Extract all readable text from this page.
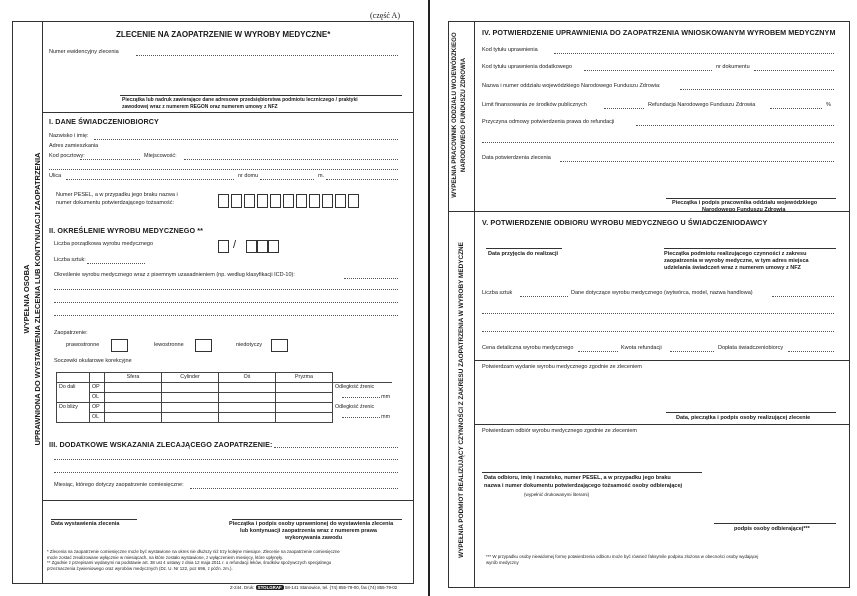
(część A)
WYPEŁNIA OSOBA UPRAWNIONA DO WYSTAWIENIA ZLECENIA LUB KONTYNUACJI ZAOPATRZENIA
ZLECENIE NA ZAOPATRZENIE W WYROBY MEDYCZNE*
Numer ewidencyjny zlecenia
Pieczątka lub nadruk zawierające dane adresowe przedsiębiorstwa podmiotu leczniczego / praktyki
zawodowej wraz z numerem REGON oraz numerem umowy z NFZ
I. DANE ŚWIADCZENIOBIORCY
Nazwisko i imię:
Adres zamieszkania
Kod pocztowy:	Miejscowość:
Ulica	nr domu	m.
Numer PESEL, a w przypadku jego braku nazwa i
numer dokumentu potwierdzającego tożsamość:
II. OKREŚLENIE WYROBU MEDYCZNEGO **
Liczba porządkowa wyrobu medycznego	/
Liczba sztuk:
Określenie wyrobu medycznego wraz z pisemnym uzasadnieniem (np. według klasyfikacji ICD-10):
Zaopatrzenie:
prawostronne	lewostronne	niedotyczy
Soczewki okularowe korekcyjne
		Sfera	Cylinder	Oś	Pryzma	
Do dali	OP					Odległość źrenic
	OL					mm
Do bliży	OP					Odległość źrenic
	OL					mm
III. DODATKOWE WSKAZANIA ZLECAJĄCEGO ZAOPATRZENIE:
Miesiąc, którego dotyczy zaopatrzenie comiesięczne:
Data wystawienia zlecenia	Pieczątka i podpis osoby uprawnionej do wystawienia zlecenia
lub kontynuacji zaopatrzenia wraz z numerem prawa
wykonywania zawodu
* Zlecenia na zaopatrzenie comiesięczne może być wystawione na okres nie dłuższy niż trzy kolejne miesiące. Zlecenie na zaopatrzenie comiesięczne
może zostać zrealizowane wyłącznie w miesiącach, na które zostało wystawione, z wyłączeniem miesięcy, które upłynęły.
** Zgodnie z przepisami wydanymi na podstawie art. 38 ust 4 ustawy z dnia 12 maja 2011 r. o refundacji leków, środków spożywczych specjalnego
przeznaczenia żywieniowego oraz wyrobów medycznych (Dz. U. Nr 122, poz 696, z późn. zm.).
Z-244. Druk: STOLGRAF 58-141 Stanowice, tel. (74) 855-79-00, fax (74) 855-79-02
WYPEŁNIA PRACOWNIK ODDZIAŁU WOJEWÓDZKIEGO NARODOWEGO FUNDUSZU ZDROWIA
WYPEŁNIA PODMIOT REALIZUJĄCY CZYNNOŚCI Z ZAKRESU ZAOPATRZENIA W WYROBY MEDYCZNE
IV. POTWIERDZENIE UPRAWNIENIA DO ZAOPATRZENIA WNIOSKOWANYM WYROBEM MEDYCZNYM
Kod tytułu uprawnienia
Kod tytułu uprawnienia dodatkowego	nr dokumentu
Nazwa i numer oddziału wojewódzkiego Narodowego Funduszu Zdrowia:
Limit finansowania ze środków publicznych	Refundacja Narodowego Funduszu Zdrowia	%
Przyczyna odmowy potwierdzenia prawa do refundacji
Data potwierdzenia zlecenia
Pieczątka i podpis pracownika oddziału wojewódzkiego
Narodowego Funduszu Zdrowia
V. POTWIERDZENIE ODBIORU WYROBU MEDYCZNEGO U ŚWIADCZENIODAWCY
Data przyjęcia do realizacji	Pieczątka podmiotu realizującego czynności z zakresu
zaopatrzenia w wyroby medyczne, w tym adres miejsca
udzielania świadczeń wraz z numerem umowy z NFZ
Liczba sztuk	Dane dotyczące wyrobu medycznego (wytwórca, model, nazwa handlowa)
Cena detaliczna wyrobu medycznego	Kwota refundacji	Dopłata świadczeniobiorcy
Potwierdzam wydanie wyrobu medycznego zgodnie ze zleceniem
Data, pieczątka i podpis osoby realizującej zlecenie
Potwierdzam odbiór wyrobu medycznego zgodnie ze zleceniem
Data odbioru, imię i nazwisko, numer PESEL, a w przypadku jego braku
nazwa i numer dokumentu potwierdzającego tożsamość osoby odbierającej
(wypełnić drukowanymi literami)
podpis osoby odbierającej***
*** W przypadku osoby niewidomej formę potwierdzenia odbioru może być również faksymile podpisu złożona w obecności osoby wydającej
wyrób medyczny
